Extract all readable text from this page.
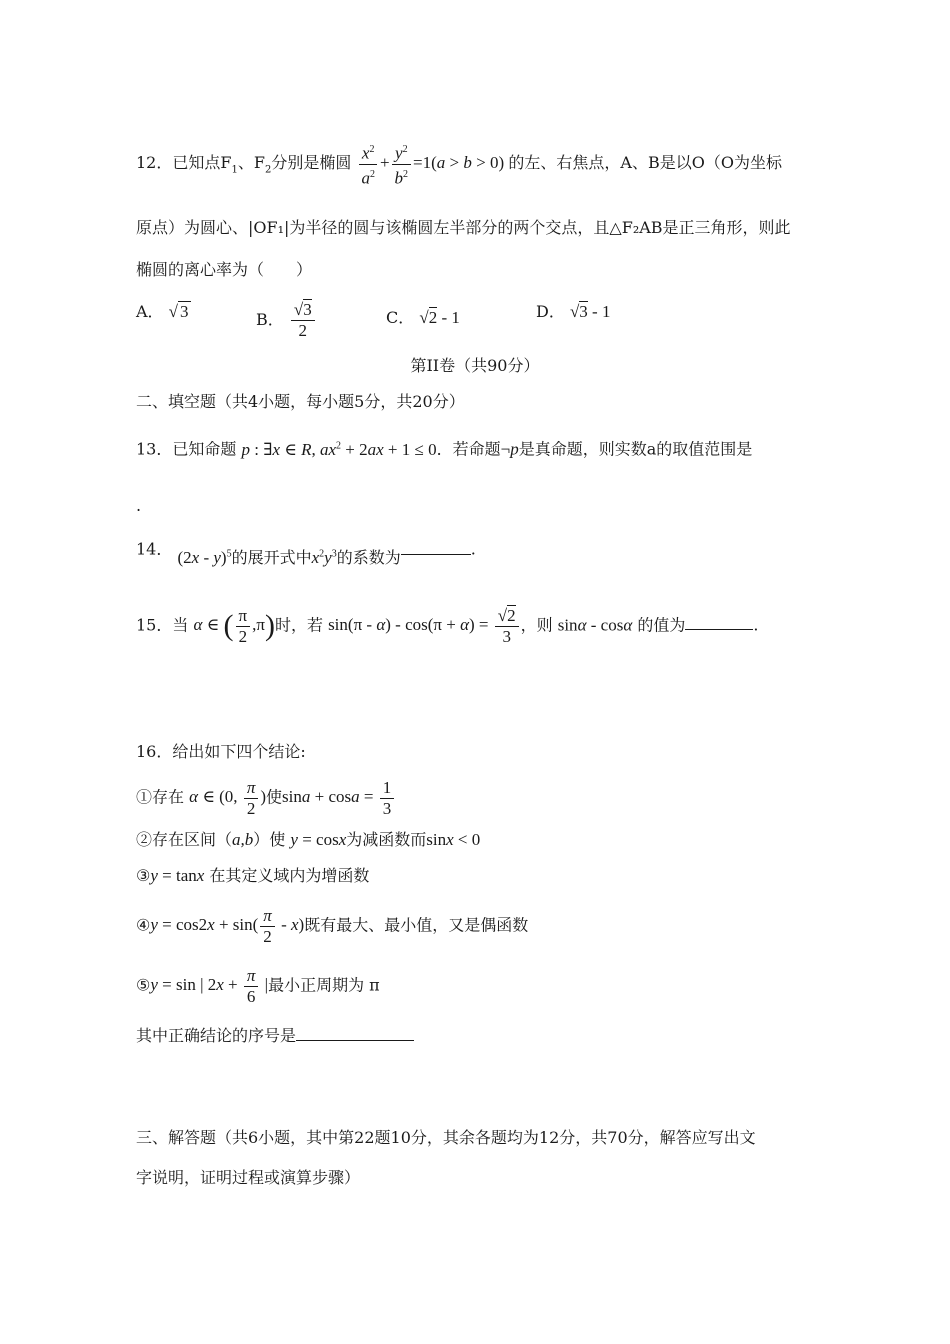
12．已知点$F_1$、$F_2$分别是椭圆 $\frac{x^2}{a^2} + \frac{y^2}{b^2} =1(a > b > 0)$ 的左、右焦点，A、B是以O（O为坐标
原点）为圆心、|OF₁|为半径的圆与该椭圆左半部分的两个交点，且△F₂AB是正三角形，则此
椭圆的离心率为（　　）
A． √ 3	B． $\frac{√3}{2}$	C． √2 - 1	D． √3 - 1
第II卷（共90分）
二、填空题（共4小题，每小题5分，共20分）
13．已知命题 p : ∃x ∈ R, $ax^2 + 2ax + 1 \le 0$．若命题¬p是真命题，则实数a的取值范围是
.
14． (2x - y)$^5$的展开式中$x^2y^3$的系数为	.
15．当 α ∈ ( $\frac{\pi}{2} ,\pi$)时，若 $\sin(\pi - \alpha) - \cos(\pi + \alpha) = \frac{√2}{3}$ ，则 sinα - cosα 的值为	.
16．给出如下四个结论:
①存在 α ∈ (0, $\frac{\pi}{2}$ )使$\sin a + \cos a = \frac{1}{3}$
②存在区间（a,b）使 y = cosx为减函数而sinx < 0
③y = tanx 在其定义域内为增函数
④y = $\cos 2x + \sin( \frac{\pi}{2} - x)$既有最大、最小值，又是偶函数
⑤y = sin | $2x + \frac{\pi}{6}$ |最小正周期为 π
其中正确结论的序号是
三、解答题（共6小题，其中第22题10分，其余各题均为12分，共70分，解答应写出文
字说明，证明过程或演算步骤）
